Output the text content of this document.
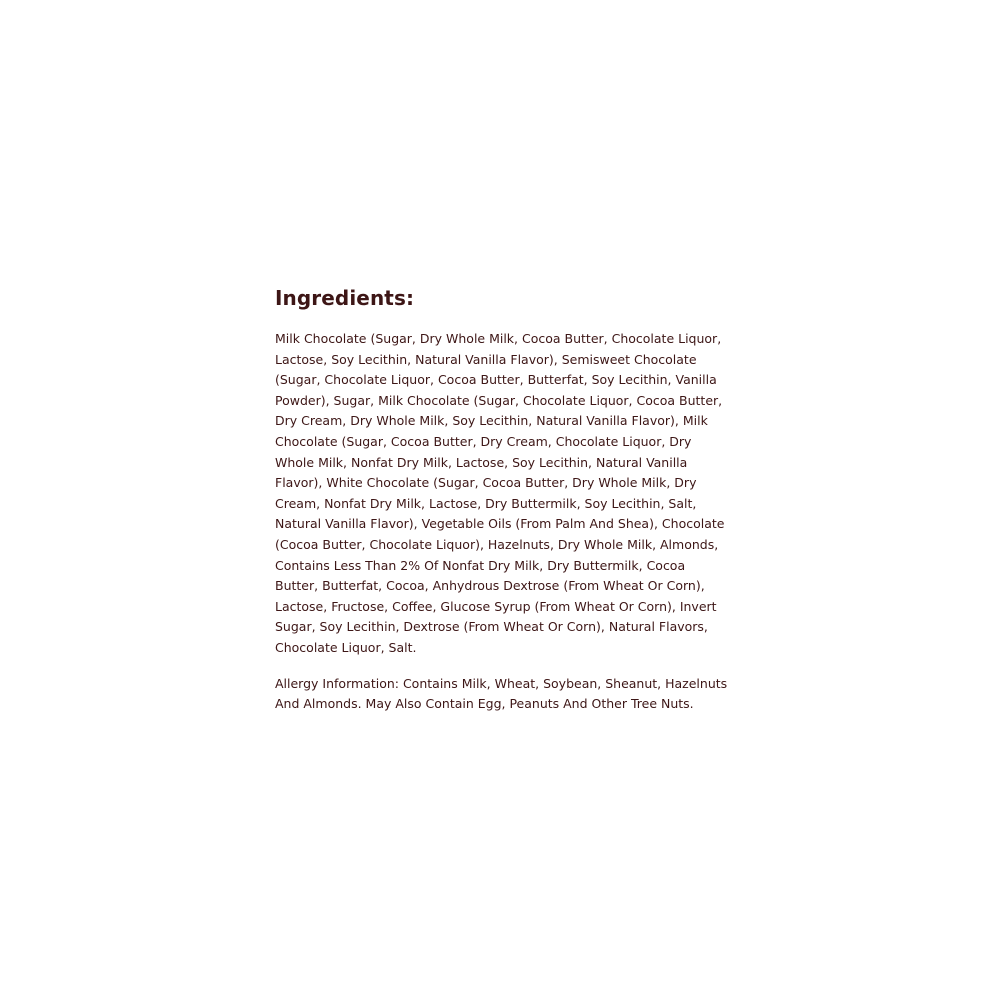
Ingredients:

Milk Chocolate (Sugar, Dry Whole Milk, Cocoa Butter, Chocolate Liquor, Lactose, Soy Lecithin, Natural Vanilla Flavor), Semisweet Chocolate (Sugar, Chocolate Liquor, Cocoa Butter, Butterfat, Soy Lecithin, Vanilla Powder), Sugar, Milk Chocolate (Sugar, Chocolate Liquor, Cocoa Butter, Dry Cream, Dry Whole Milk, Soy Lecithin, Natural Vanilla Flavor), Milk Chocolate (Sugar, Cocoa Butter, Dry Cream, Chocolate Liquor, Dry Whole Milk, Nonfat Dry Milk, Lactose, Soy Lecithin, Natural Vanilla Flavor), White Chocolate (Sugar, Cocoa Butter, Dry Whole Milk, Dry Cream, Nonfat Dry Milk, Lactose, Dry Buttermilk, Soy Lecithin, Salt, Natural Vanilla Flavor), Vegetable Oils (From Palm And Shea), Chocolate (Cocoa Butter, Chocolate Liquor), Hazelnuts, Dry Whole Milk, Almonds, Contains Less Than 2% Of Nonfat Dry Milk, Dry Buttermilk, Cocoa Butter, Butterfat, Cocoa, Anhydrous Dextrose (From Wheat Or Corn), Lactose, Fructose, Coffee, Glucose Syrup (From Wheat Or Corn), Invert Sugar, Soy Lecithin, Dextrose (From Wheat Or Corn), Natural Flavors, Chocolate Liquor, Salt.

Allergy Information: Contains Milk, Wheat, Soybean, Sheanut, Hazelnuts And Almonds. May Also Contain Egg, Peanuts And Other Tree Nuts.
